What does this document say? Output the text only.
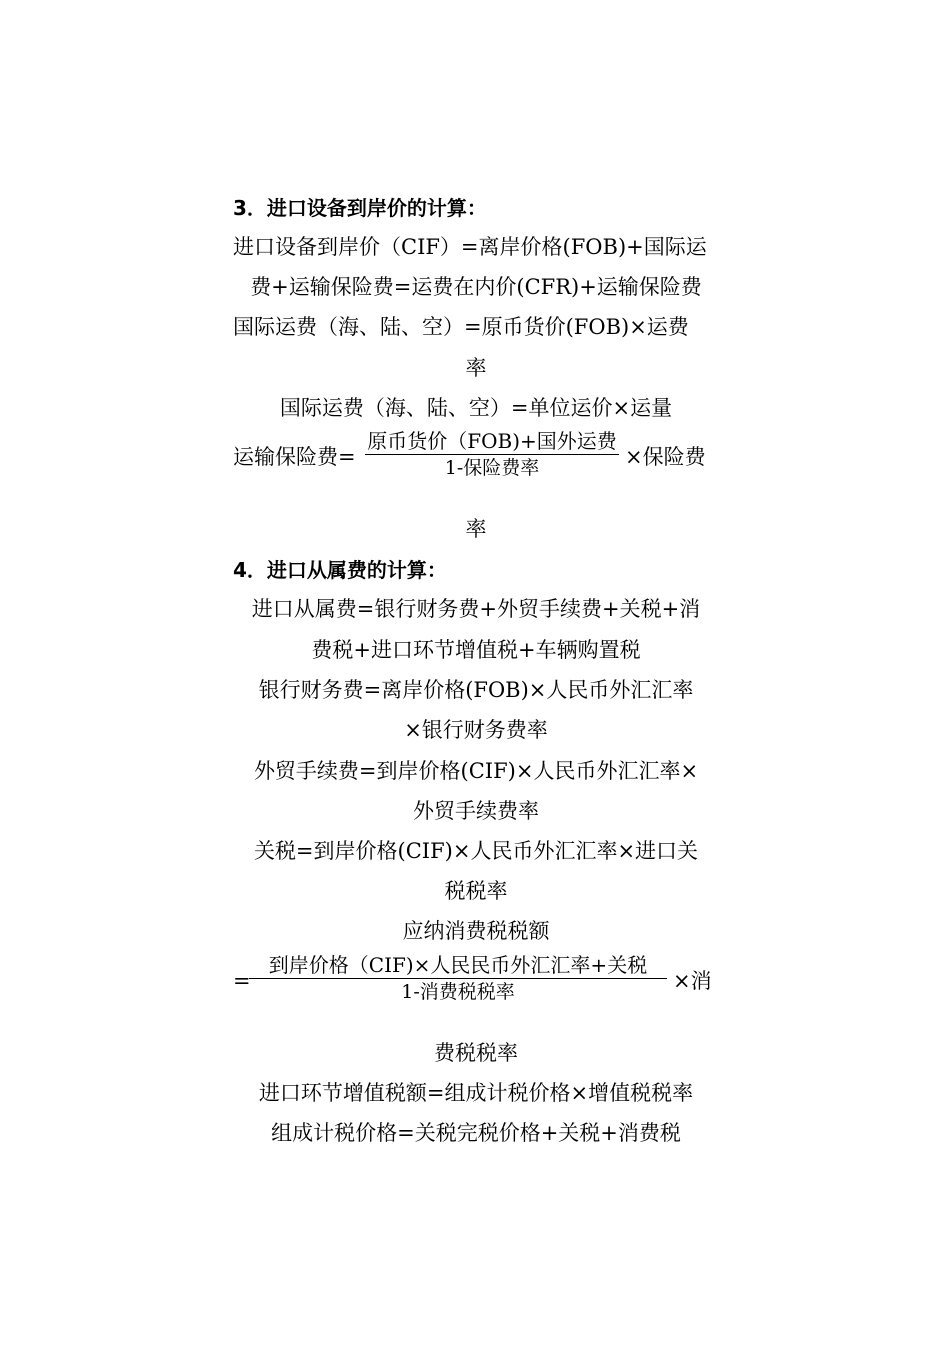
3．进口设备到岸价的计算：
进口设备到岸价（CIF）=离岸价格(FOB)+国际运
费+运输保险费=运费在内价(CFR)+运输保险费
国际运费（海、陆、空）=原币货价(FOB)×运费
率
国际运费（海、陆、空）=单位运价×运量
运输保险费=
原币货价（FOB)+国外运费
1-保险费率	×保险费
率
4．进口从属费的计算：
进口从属费=银行财务费+外贸手续费+关税+消
费税+进口环节增值税+车辆购置税
银行财务费=离岸价格(FOB)×人民币外汇汇率
×银行财务费率
外贸手续费=到岸价格(CIF)×人民币外汇汇率×
外贸手续费率
关税=到岸价格(CIF)×人民币外汇汇率×进口关
税税率
应纳消费税税额
=
到岸价格（CIF)×人民民币外汇汇率+关税
1-消费税税率	×消
费税税率
进口环节增值税额=组成计税价格×增值税税率
组成计税价格=关税完税价格+关税+消费税
